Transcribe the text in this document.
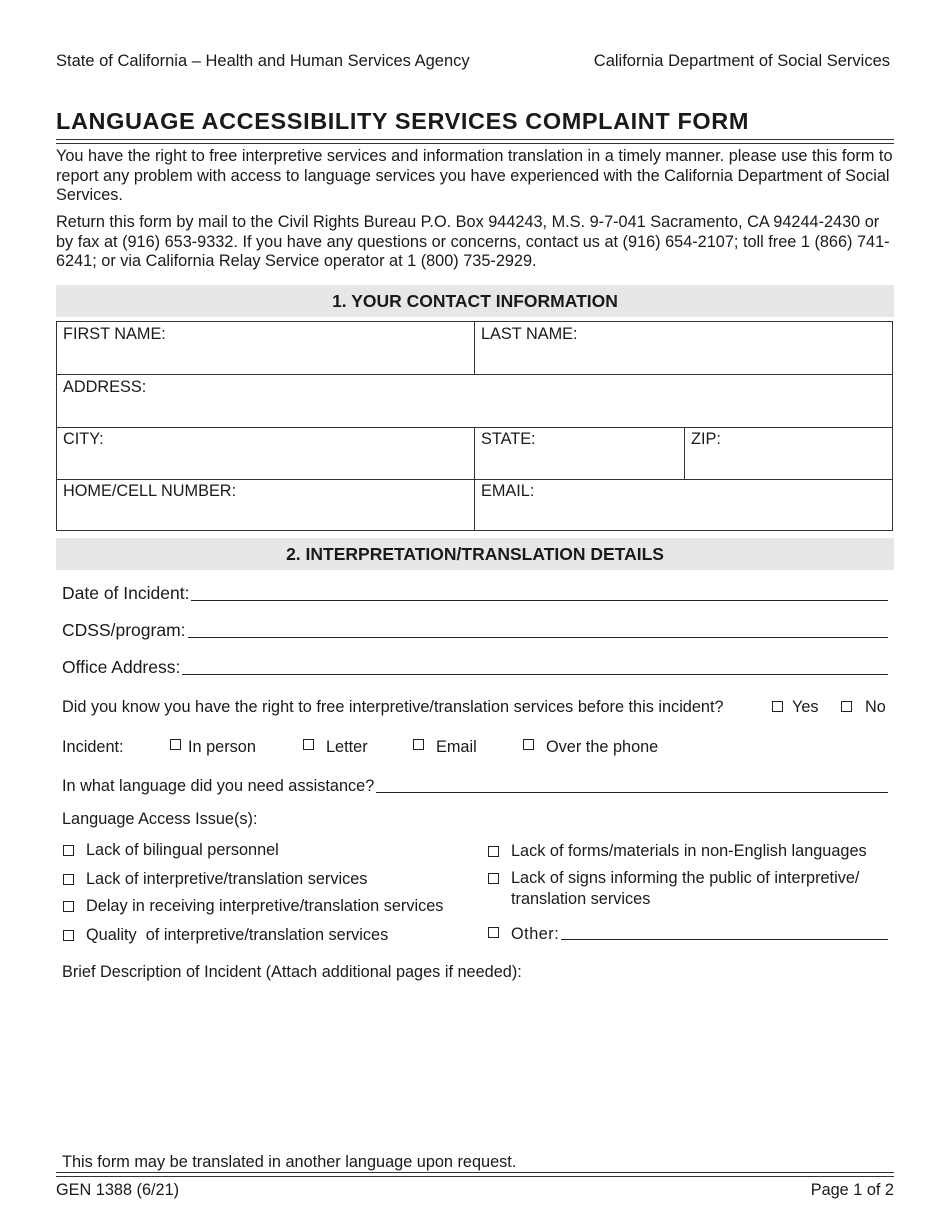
State of California – Health and Human Services Agency	California Department of Social Services
LANGUAGE ACCESSIBILITY SERVICES COMPLAINT FORM
You have the right to free interpretive services and information translation in a timely manner. please use this form to report any problem with access to language services you have experienced with the California Department of Social Services.
Return this form by mail to the Civil Rights Bureau P.O. Box 944243, M.S. 9-7-041 Sacramento, CA 94244-2430 or by fax at (916) 653-9332. If you have any questions or concerns, contact us at (916) 654-2107; toll free 1 (866) 741-6241; or via California Relay Service operator at 1 (800) 735-2929.
1. YOUR CONTACT INFORMATION
FIRST NAME:	LAST NAME:
ADDRESS:
CITY:	STATE:	ZIP:
HOME/CELL NUMBER:	EMAIL:
2. INTERPRETATION/TRANSLATION DETAILS
Date of Incident:
CDSS/program:
Office Address:
Did you know you have the right to free interpretive/translation services before this incident?	Yes	No
Incident:	In person	Letter	Email	Over the phone
In what language did you need assistance?
Language Access Issue(s):
Lack of bilingual personnel
Lack of interpretive/translation services
Delay in receiving interpretive/translation services
Quality  of interpretive/translation services
Lack of forms/materials in non-English languages
Lack of signs informing the public of interpretive/
translation services
Other:
Brief Description of Incident (Attach additional pages if needed):
This form may be translated in another language upon request.
GEN 1388 (6/21)	Page 1 of 2
